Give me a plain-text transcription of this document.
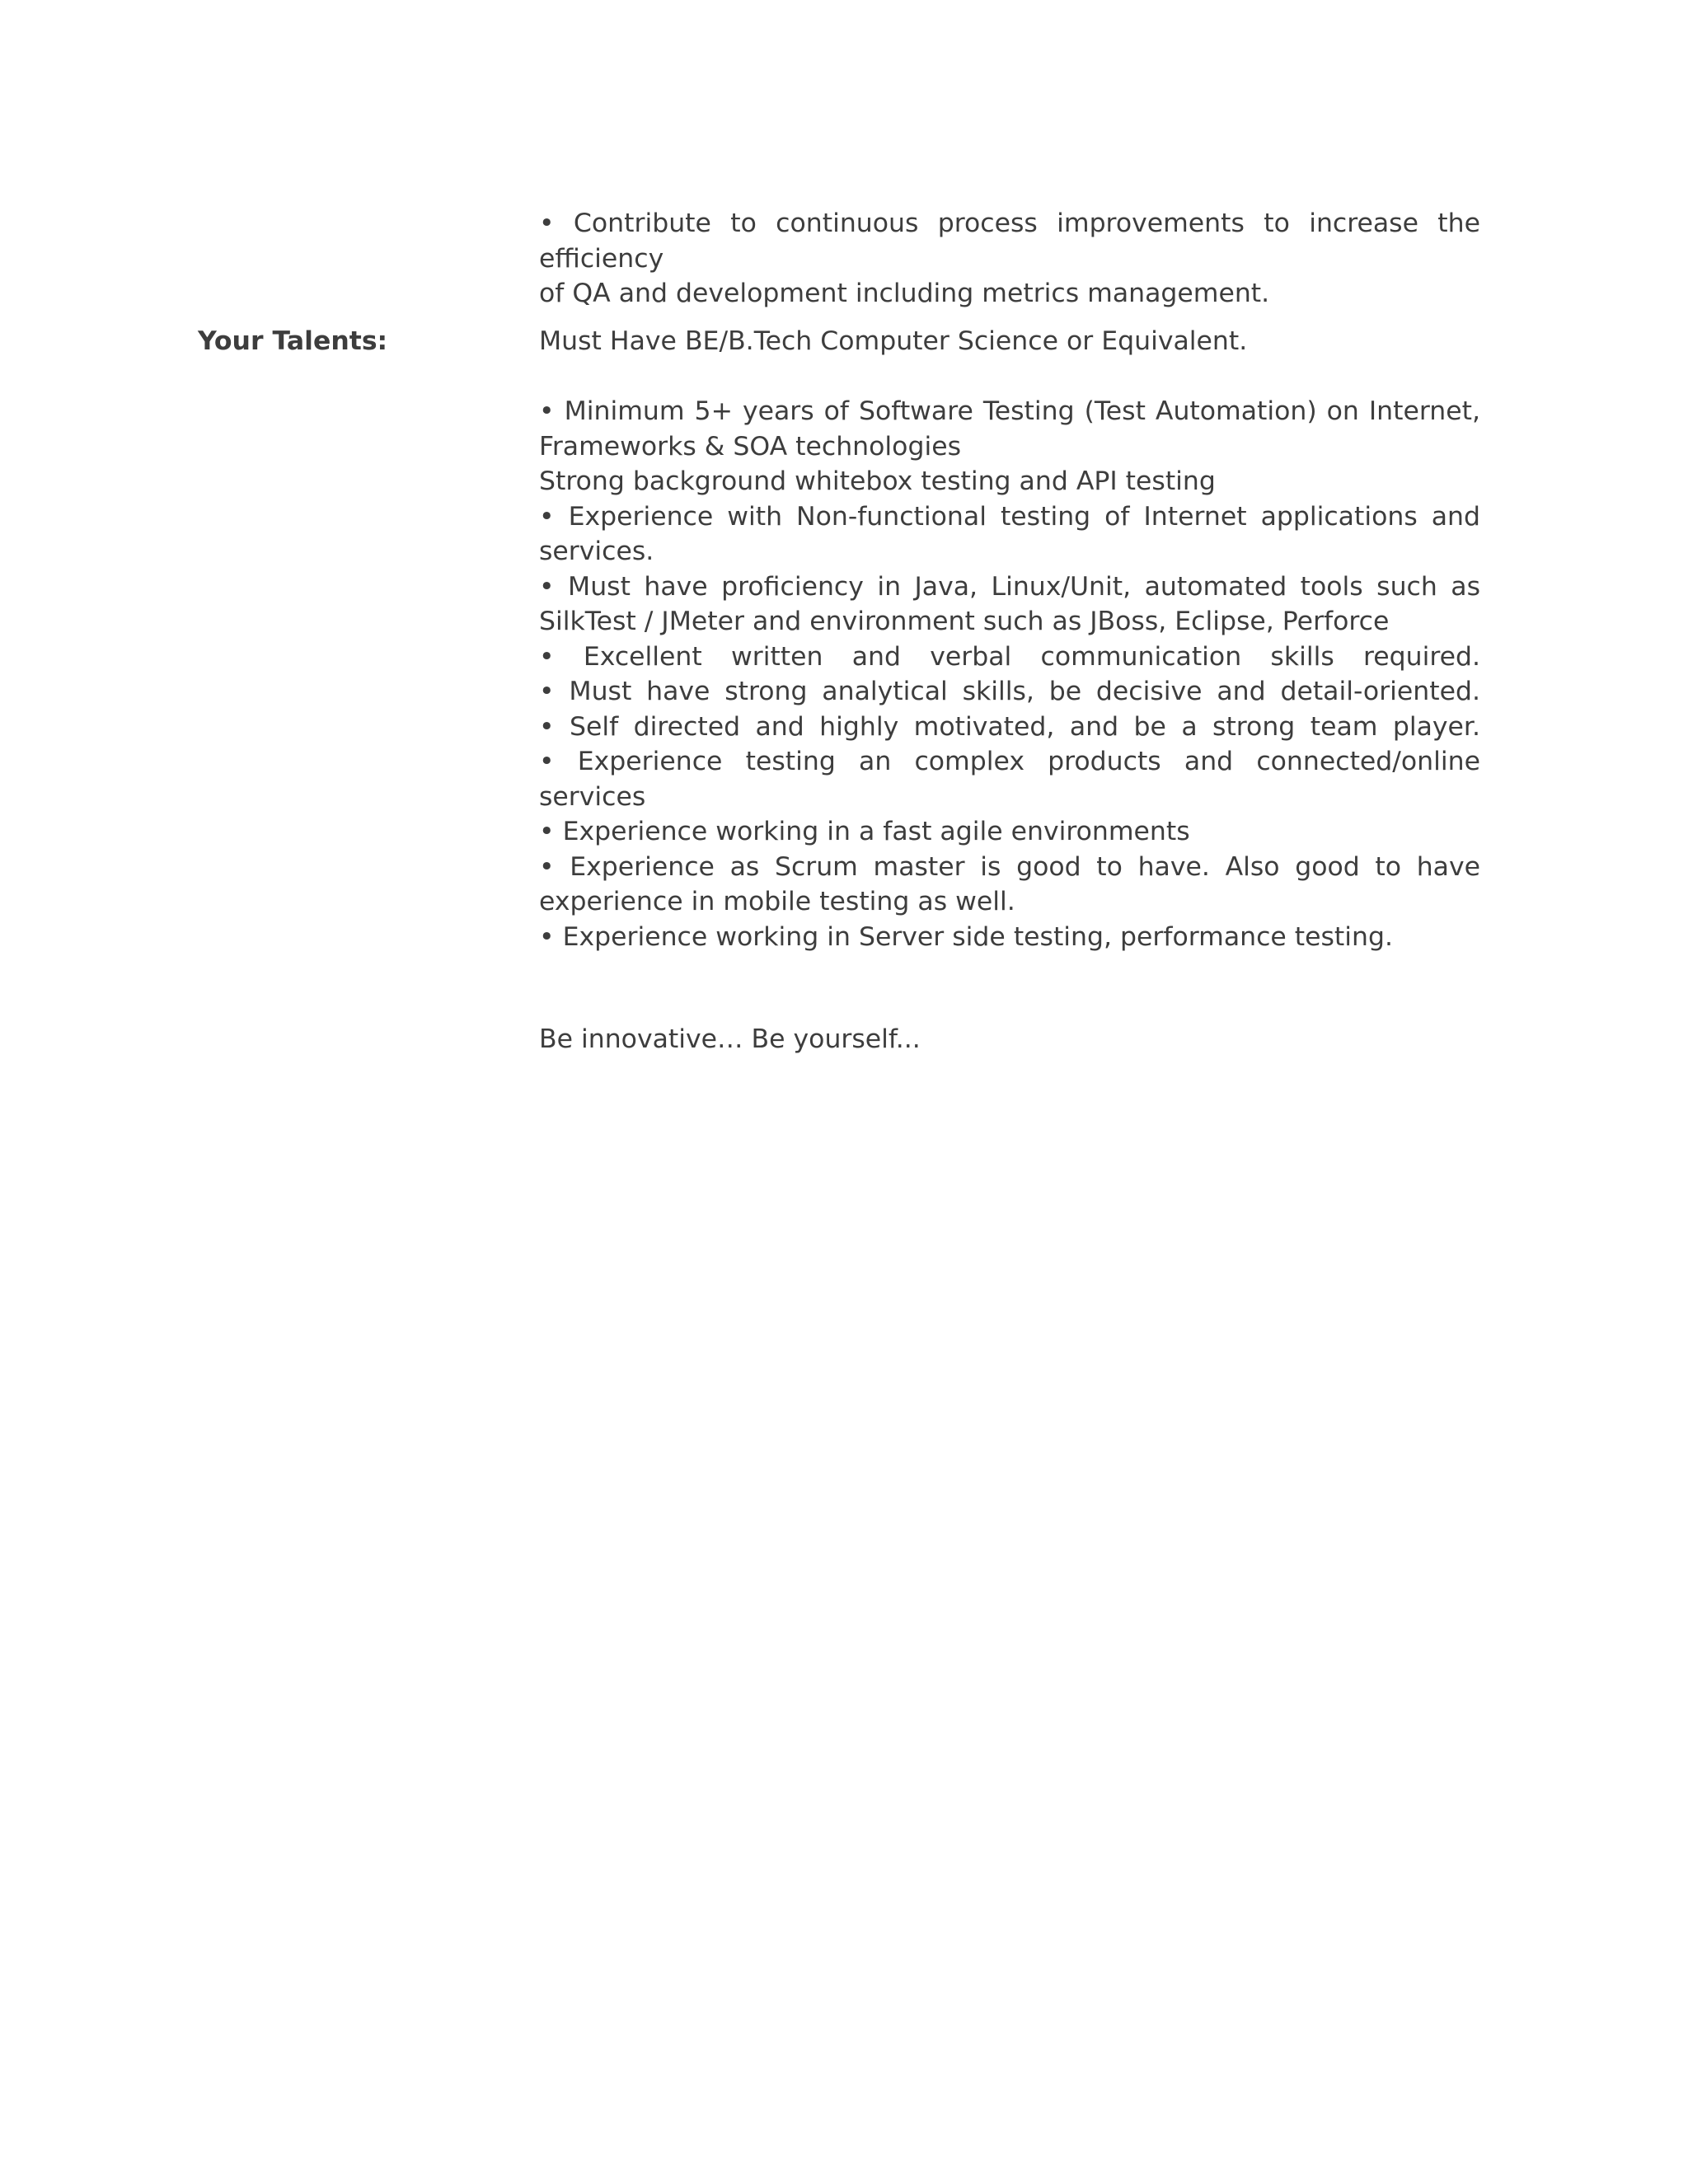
• Contribute to continuous process improvements to increase the efficiency
of QA and development including metrics management.
Your Talents:	Must Have BE/B.Tech Computer Science or Equivalent.
• Minimum 5+ years of Software Testing (Test Automation) on Internet,
Frameworks & SOA technologies
Strong background whitebox testing and API testing
• Experience with Non-functional testing of Internet applications and
services.
• Must have proficiency in Java, Linux/Unit, automated tools such as
SilkTest / JMeter and environment such as JBoss, Eclipse, Perforce
• Excellent written and verbal communication skills required.
• Must have strong analytical skills, be decisive and detail-oriented.
• Self directed and highly motivated, and be a strong team player.
• Experience testing an complex products and connected/online services
• Experience working in a fast agile environments
• Experience as Scrum master is good to have. Also good to have
experience in mobile testing as well.
• Experience working in Server side testing, performance testing.
Be innovative… Be yourself...
